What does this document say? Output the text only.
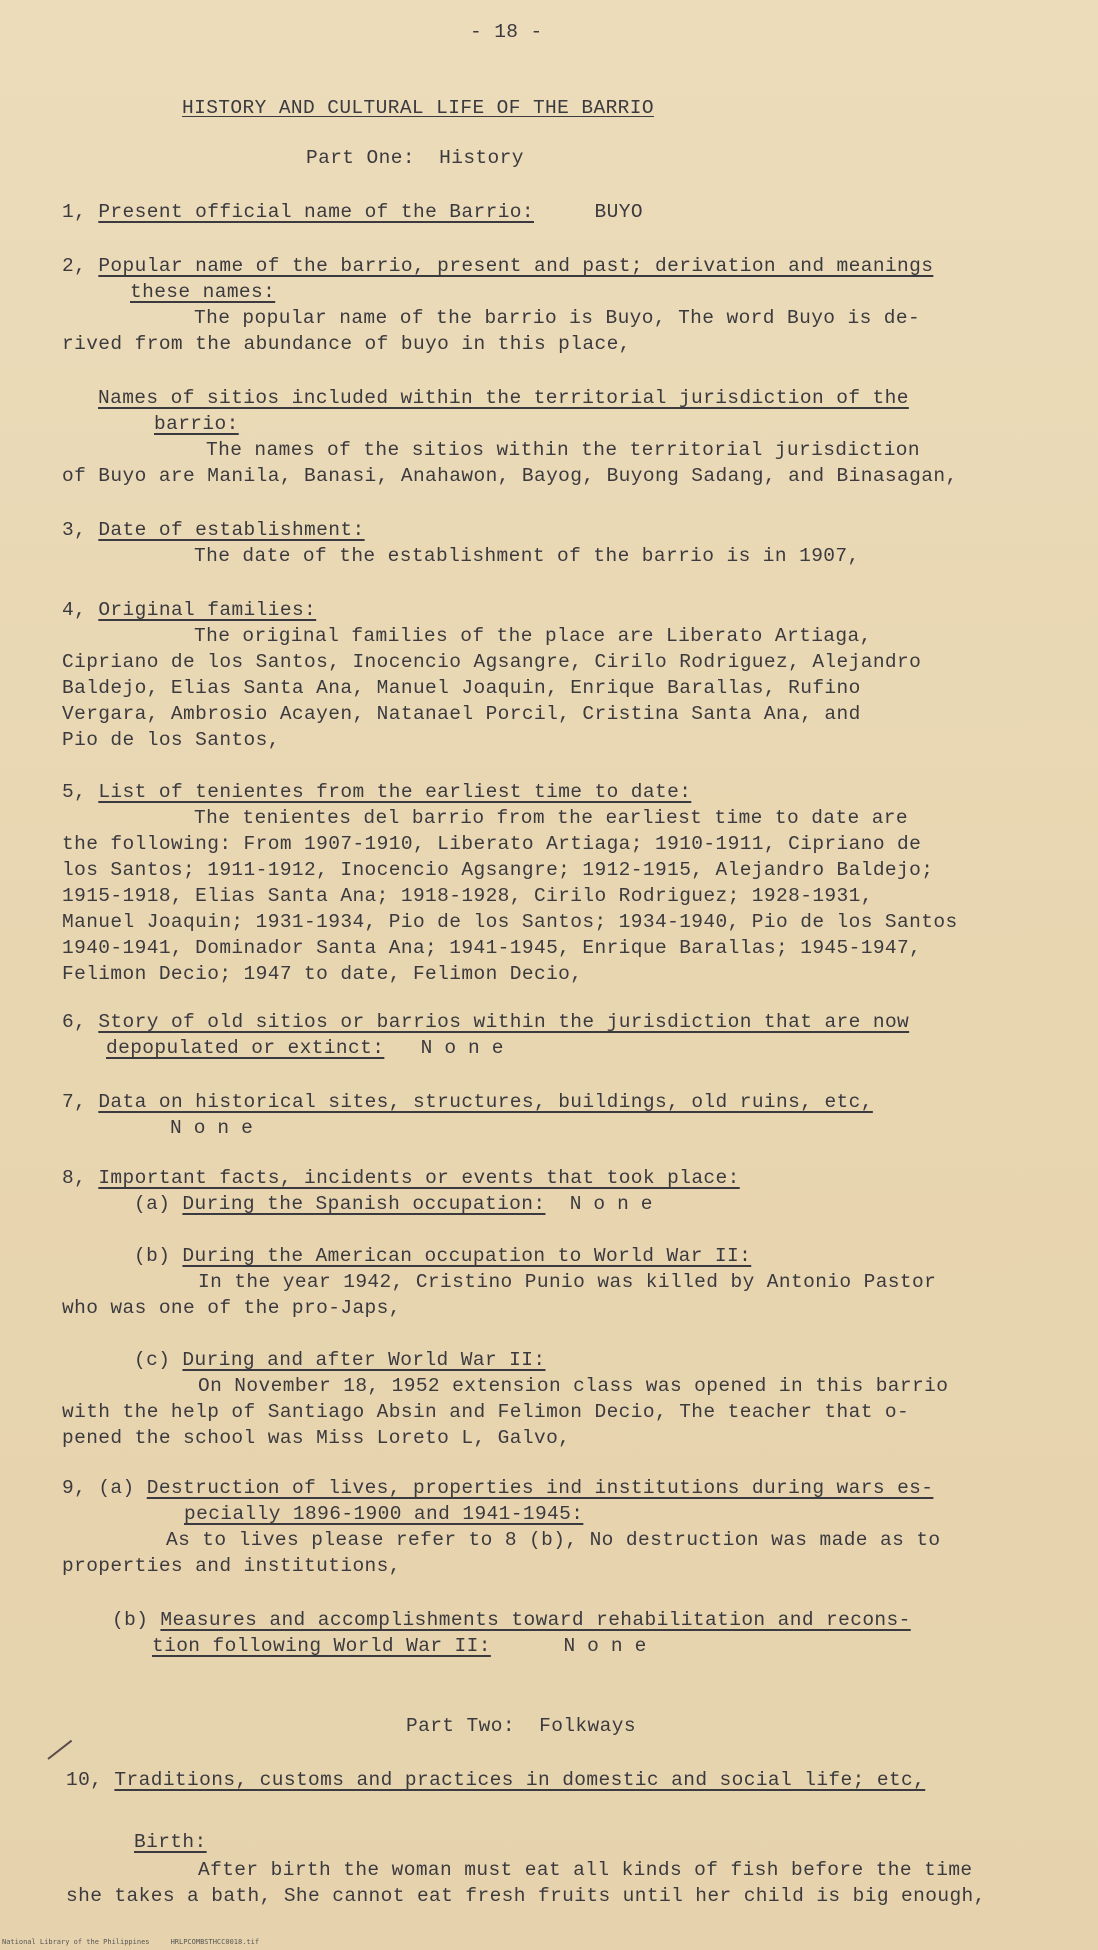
- 18 -
HISTORY AND CULTURAL LIFE OF THE BARRIO
Part One:  History
1, Present official name of the Barrio:	BUYO
2, Popular name of the barrio, present and past; derivation and meanings
these names:
The popular name of the barrio is Buyo, The word Buyo is de-
rived from the abundance of buyo in this place,
Names of sitios included within the territorial jurisdiction of the
barrio:
The names of the sitios within the territorial jurisdiction
of Buyo are Manila, Banasi, Anahawon, Bayog, Buyong Sadang, and Binasagan,
3, Date of establishment:
The date of the establishment of the barrio is in 1907,
4, Original families:
The original families of the place are Liberato Artiaga,
Cipriano de los Santos, Inocencio Agsangre, Cirilo Rodriguez, Alejandro
Baldejo, Elias Santa Ana, Manuel Joaquin, Enrique Barallas, Rufino
Vergara, Ambrosio Acayen, Natanael Porcil, Cristina Santa Ana, and
Pio de los Santos,
5, List of tenientes from the earliest time to date:
The tenientes del barrio from the earliest time to date are
the following: From 1907-1910, Liberato Artiaga; 1910-1911, Cipriano de
los Santos; 1911-1912, Inocencio Agsangre; 1912-1915, Alejandro Baldejo;
1915-1918, Elias Santa Ana; 1918-1928, Cirilo Rodriguez; 1928-1931,
Manuel Joaquin; 1931-1934, Pio de los Santos; 1934-1940, Pio de los Santos
1940-1941, Dominador Santa Ana; 1941-1945, Enrique Barallas; 1945-1947,
Felimon Decio; 1947 to date, Felimon Decio,
6, Story of old sitios or barrios within the jurisdiction that are now
depopulated or extinct: None
7, Data on historical sites, structures, buildings, old ruins, etc,
None
8, Important facts, incidents or events that took place:
(a) During the Spanish occupation: None
(b) During the American occupation to World War II:
In the year 1942, Cristino Punio was killed by Antonio Pastor
who was one of the pro-Japs,
(c) During and after World War II:
On November 18, 1952 extension class was opened in this barrio
with the help of Santiago Absin and Felimon Decio, The teacher that o-
pened the school was Miss Loreto L, Galvo,
9, (a) Destruction of lives, properties ind institutions during wars es-
pecially 1896-1900 and 1941-1945:
As to lives please refer to 8 (b), No destruction was made as to
properties and institutions,
(b) Measures and accomplishments toward rehabilitation and recons-
tion following World War II:	None
Part Two:  Folkways
10, Traditions, customs and practices in domestic and social life; etc,
Birth:
After birth the woman must eat all kinds of fish before the time
she takes a bath, She cannot eat fresh fruits until her child is big enough,
National Library of the Philippines     HRLPCOMBSTHCC0018.tif
